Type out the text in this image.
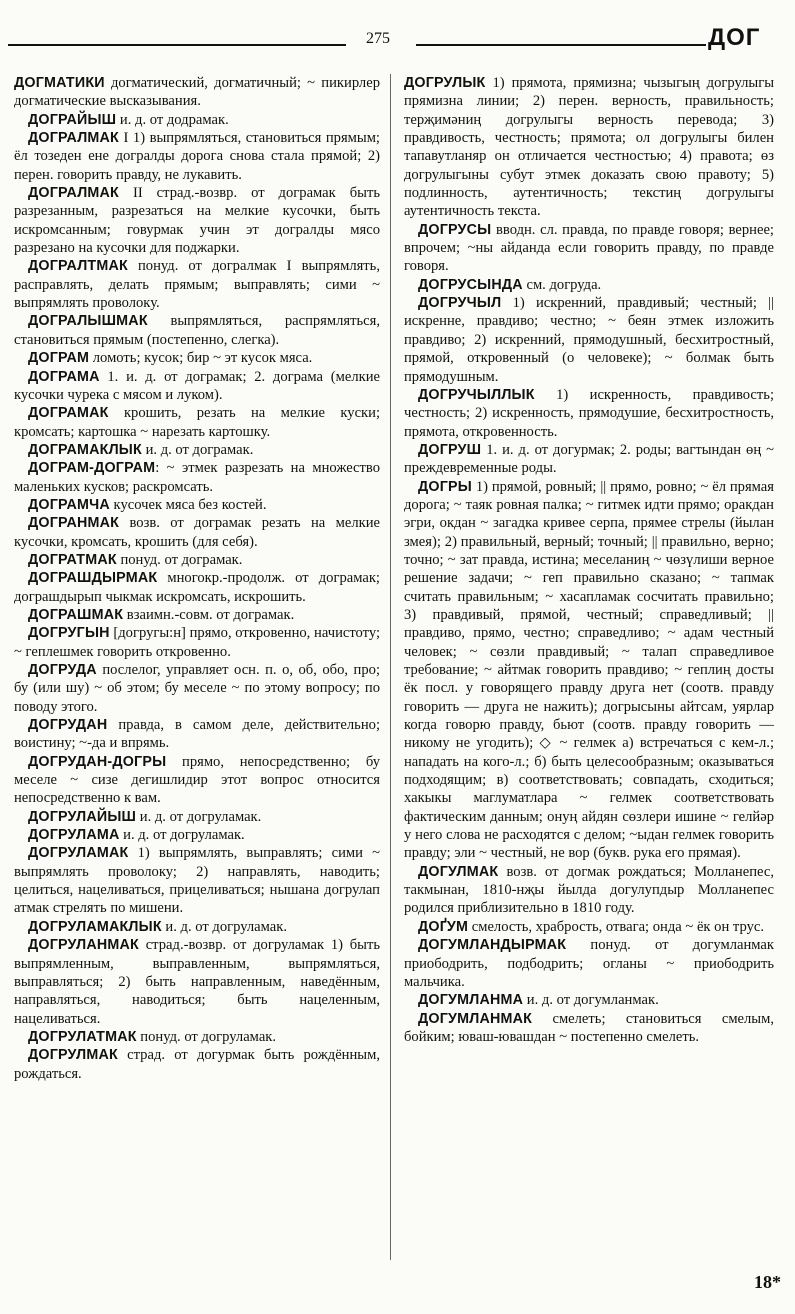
275	ДОГ

ДОГМАТИКИ догматический, догматичный; ~ пикирлер догматические высказывания.

ДОГРАЙЫШ и. д. от додрамак.

ДОГРАЛМАК I 1) выпрямляться, становиться прямым; ёл тозеден ене догралды дорога снова стала прямой; 2) перен. говорить правду, не лукавить.

ДОГРАЛМАК II страд.-возвр. от дограмак быть разрезанным, разрезаться на мелкие кусочки, быть искромсанным; говурмак учин эт догралды мясо разрезано на кусочки для поджарки.

ДОГРАЛТМАК понуд. от догралмак I выпрямлять, расправлять, делать прямым; выправлять; сими ~ выпрямлять проволоку.

ДОГРАЛЫШМАК выпрямляться, распрямляться, становиться прямым (постепенно, слегка).

ДОГРАМ ломоть; кусок; бир ~ эт кусок мяса.

ДОГРАМА 1. и. д. от дограмак; 2. дограма (мелкие кусочки чурека с мясом и луком).

ДОГРАМАК крошить, резать на мелкие куски; кромсать; картошка ~ нарезать картошку.

ДОГРАМАКЛЫК и. д. от дограмак.

ДОГРАМ-ДОГРАМ: ~ этмек разрезать на множество маленьких кусков; раскромсать.

ДОГРАМЧА кусочек мяса без костей.

ДОГРАНМАК возв. от дограмак резать на мелкие кусочки, кромсать, крошить (для себя).

ДОГРАТМАК понуд. от дограмак.

ДОГРАШДЫРМАК многокр.-продолж. от дограмак; дограшдырып чыкмак искромсать, искрошить.

ДОГРАШМАК взаимн.-совм. от дограмак.

ДОГРУГЫН [догругы:н] прямо, откровенно, начистоту; ~ геплешмек говорить откровенно.

ДОГРУДА послелог, управляет осн. п. о, об, обо, про; бу (или шу) ~ об этом; бу меселе ~ по этому вопросу; по поводу этого.

ДОГРУДАН правда, в самом деле, действительно; воистину; ~-да и впрямь.

ДОГРУДАН-ДОГРЫ прямо, непосредственно; бу меселе ~ сизе дегишлидир этот вопрос относится непосредственно к вам.

ДОГРУЛАЙЫШ и. д. от догруламак.

ДОГРУЛАМА и. д. от догруламак.

ДОГРУЛАМАК 1) выпрямлять, выправлять; сими ~ выпрямлять проволоку; 2) направлять, наводить; целиться, нацеливаться, прицеливаться; нышана догрулап атмак стрелять по мишени.

ДОГРУЛАМАКЛЫК и. д. от догруламак.

ДОГРУЛАНМАК страд.-возвр. от догруламак 1) быть выпрямленным, выправленным, выпрямляться, выправляться; 2) быть направленным, наведённым, направляться, наводиться; быть нацеленным, нацеливаться.

ДОГРУЛАТМАК понуд. от догруламак.

ДОГРУЛМАК страд. от догурмак быть рождённым, рождаться.

ДОГРУЛЫК 1) прямота, прямизна; чызыгың догрулыгы прямизна линии; 2) перен. верность, правильность; терҗимәниң догрулыгы верность перевода; 3) правдивость, честность; прямота; ол догрулыгы билен тапавутланяр он отличается честностью; 4) правота; өз догрулыгыны субут этмек доказать свою правоту; 5) подлинность, аутентичность; текстиң догрулыгы аутентичность текста.

ДОГРУСЫ вводн. сл. правда, по правде говоря; вернее; впрочем; ~ны айданда если говорить правду, по правде говоря.

ДОГРУСЫНДА см. догруда.

ДОГРУЧЫЛ 1) искренний, правдивый; честный; || искренне, правдиво; честно; ~ беян этмек изложить правдиво; 2) искренний, прямодушный, бесхитростный, прямой, откровенный (о человеке); ~ болмак быть прямодушным.

ДОГРУЧЫЛЛЫК 1) искренность, правдивость; честность; 2) искренность, прямодушие, бесхитростность, прямота, откровенность.

ДОГРУШ 1. и. д. от догурмак; 2. роды; вагтындан өң ~ преждевременные роды.

ДОГРЫ 1) прямой, ровный; || прямо, ровно; ~ ёл прямая дорога; ~ таяк ровная палка; ~ гитмек идти прямо; оракдан эгри, окдан ~ загадка кривее серпа, прямее стрелы (йылан змея); 2) правильный, верный; точный; || правильно, верно; точно; ~ зат правда, истина; меселаниң ~ чөзүлиши верное решение задачи; ~ геп правильно сказано; ~ тапмак считать правильным; ~ хасапламак сосчитать правильно; 3) правдивый, прямой, честный; справедливый; || правдиво, прямо, честно; справедливо; ~ адам честный человек; ~ сөзли правдивый; ~ талап справедливое требование; ~ айтмак говорить правдиво; ~ геплиң досты ёк посл. у говорящего правду друга нет (соотв. правду говорить — друга не нажить); догрысыны айтсам, уярлар когда говорю правду, бьют (соотв. правду говорить — никому не угодить); ◇ ~ гелмек а) встречаться с кем-л.; нападать на кого-л.; б) быть целесообразным; оказываться подходящим; в) соответствовать; совпадать, сходиться; хакыкы маглуматлара ~ гелмек соответствовать фактическим данным; онуң айдян сөзлери ишине ~ гелйәр у него слова не расходятся с делом; ~ыдан гелмек говорить правду; эли ~ честный, не вор (букв. рука его прямая).

ДОГУЛМАК возв. от догмак рождаться; Молланепес, такмынан, 1810-нҗы йылда догулупдыр Молланепес родился приблизительно в 1810 году.

ДОҐУМ смелость, храбрость, отвага; онда ~ ёк он трус.

ДОГУМЛАНДЫРМАК понуд. от догумланмак приободрить, подбодрить; огланы ~ приободрить мальчика.

ДОГУМЛАНМА и. д. от догумланмак.

ДОГУМЛАНМАК смелеть; становиться смелым, бойким; юваш-ювашдан ~ постепенно смелеть.

18*
